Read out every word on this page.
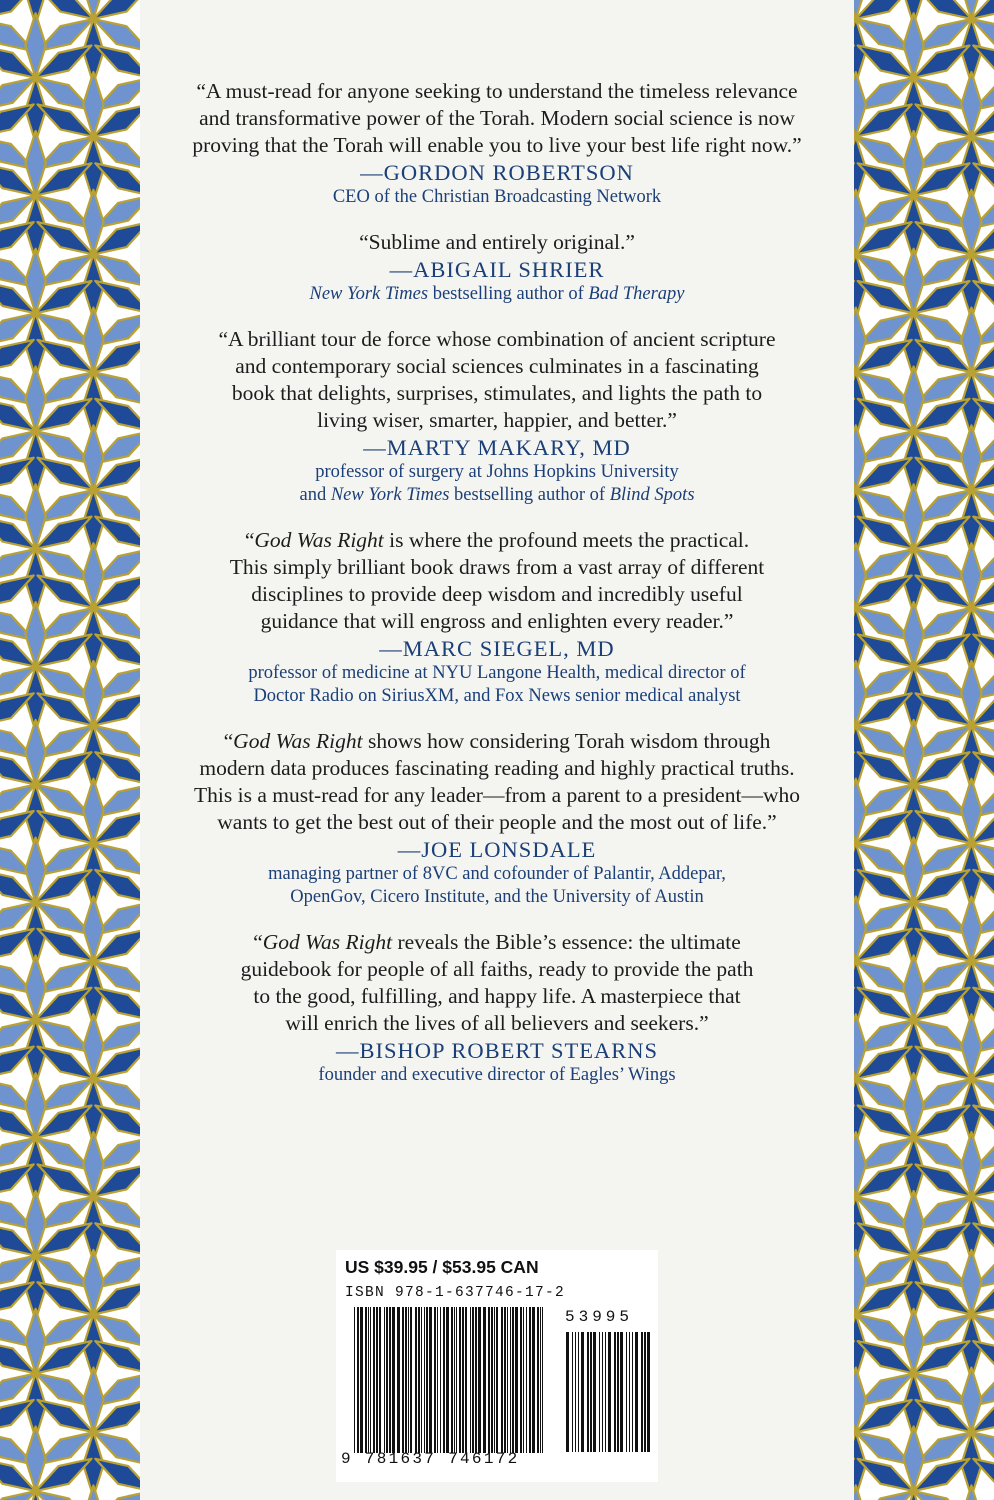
“A must-read for anyone seeking to understand the timeless relevance
and transformative power of the Torah. Modern social science is now
proving that the Torah will enable you to live your best life right now.”
—GORDON ROBERTSON
CEO of the Christian Broadcasting Network
“Sublime and entirely original.”
—ABIGAIL SHRIER
New York Times bestselling author of Bad Therapy
“A brilliant tour de force whose combination of ancient scripture
and contemporary social sciences culminates in a fascinating
book that delights, surprises, stimulates, and lights the path to
living wiser, smarter, happier, and better.”
—MARTY MAKARY, MD
professor of surgery at Johns Hopkins University
and New York Times bestselling author of Blind Spots
“God Was Right is where the profound meets the practical.
This simply brilliant book draws from a vast array of different
disciplines to provide deep wisdom and incredibly useful
guidance that will engross and enlighten every reader.”
—MARC SIEGEL, MD
professor of medicine at NYU Langone Health, medical director of
Doctor Radio on SiriusXM, and Fox News senior medical analyst
“God Was Right shows how considering Torah wisdom through
modern data produces fascinating reading and highly practical truths.
This is a must-read for any leader—from a parent to a president—who
wants to get the best out of their people and the most out of life.”
—JOE LONSDALE
managing partner of 8VC and cofounder of Palantir, Addepar,
OpenGov, Cicero Institute, and the University of Austin
“God Was Right reveals the Bible’s essence: the ultimate
guidebook for people of all faiths, ready to provide the path
to the good, fulfilling, and happy life. A masterpiece that
will enrich the lives of all believers and seekers.”
—BISHOP ROBERT STEARNS
founder and executive director of Eagles’ Wings
US $39.95 / $53.95 CAN
ISBN 978-1-637746-17-2
53995
9 781637 746172
